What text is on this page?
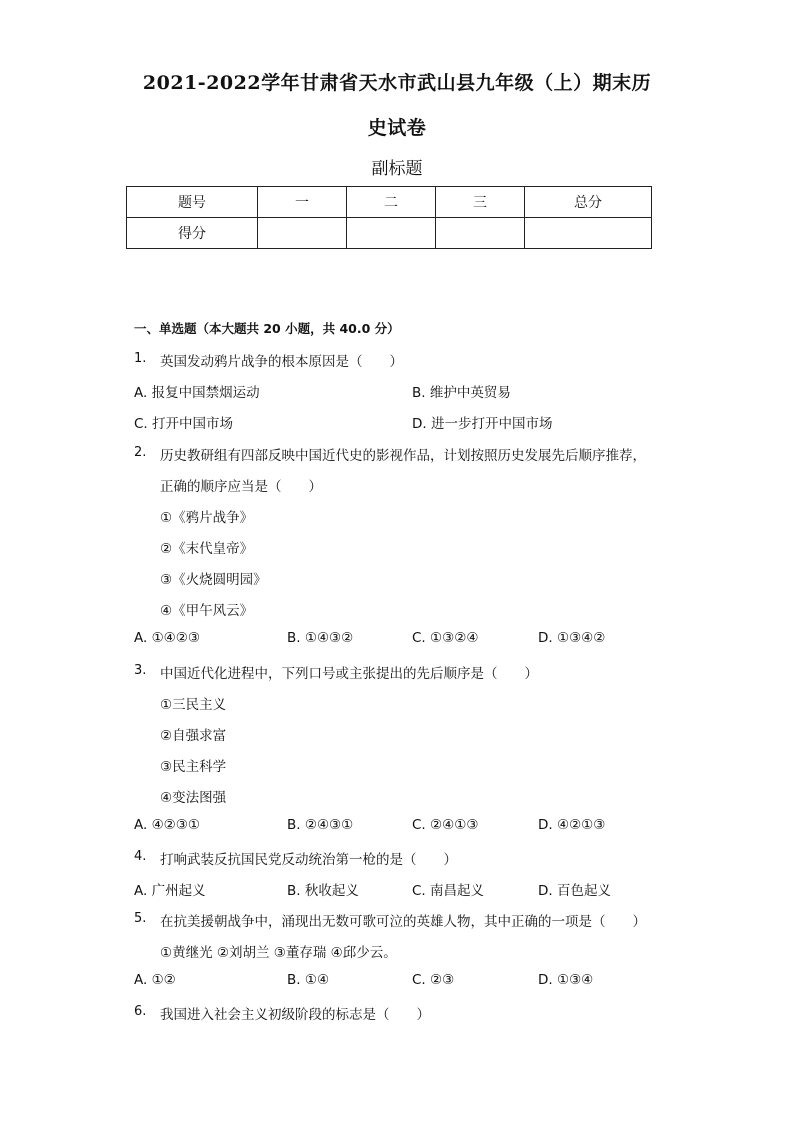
2021-2022学年甘肃省天水市武山县九年级（上）期末历
史试卷
副标题
题号	一	二	三	总分
得分				
一、单选题（本大题共 20 小题，共 40.0 分）
1. 英国发动鸦片战争的根本原因是（　　）
A. 报复中国禁烟运动	B. 维护中英贸易
C. 打开中国市场	D. 进一步打开中国市场
2. 历史教研组有四部反映中国近代史的影视作品，计划按照历史发展先后顺序推荐，
正确的顺序应当是（　　）
①《鸦片战争》
②《末代皇帝》
③《火烧圆明园》
④《甲午风云》
A. ①④②③	B. ①④③②	C. ①③②④	D. ①③④②
3. 中国近代化进程中，下列口号或主张提出的先后顺序是（　　）
①三民主义
②自强求富
③民主科学
④变法图强
A. ④②③①	B. ②④③①	C. ②④①③	D. ④②①③
4. 打响武装反抗国民党反动统治第一枪的是（　　）
A. 广州起义	B. 秋收起义	C. 南昌起义	D. 百色起义
5. 在抗美援朝战争中，涌现出无数可歌可泣的英雄人物，其中正确的一项是（　　）
①黄继光 ②刘胡兰 ③董存瑞 ④邱少云。
A. ①②	B. ①④	C. ②③	D. ①③④
6. 我国进入社会主义初级阶段的标志是（　　）
